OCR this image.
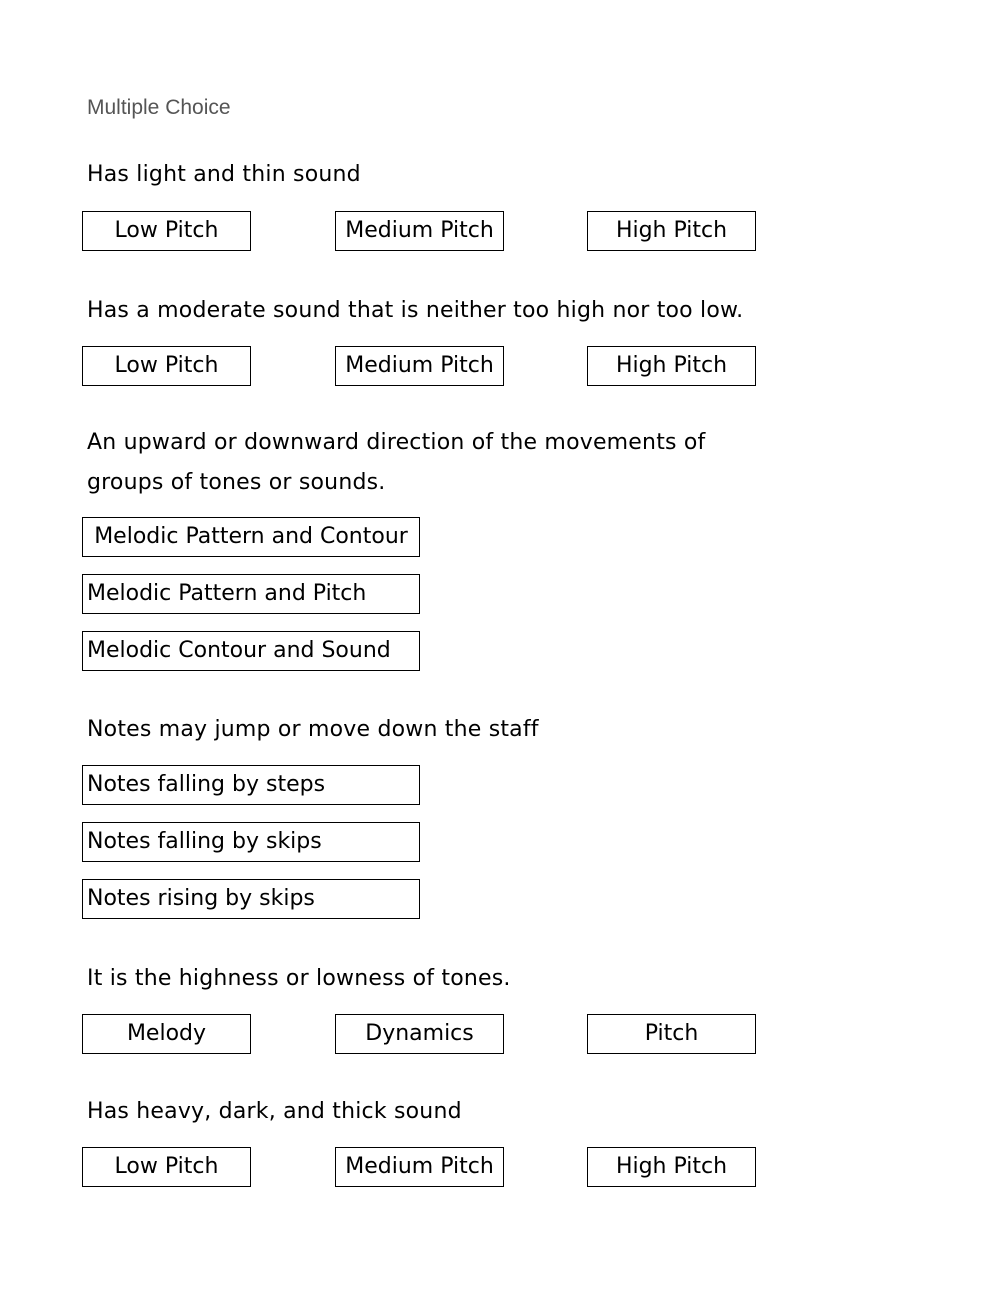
Multiple Choice

Has light and thin sound

Low Pitch	Medium Pitch	High Pitch

Has a moderate sound that is neither too high nor too low.

Low Pitch	Medium Pitch	High Pitch

An upward or downward direction of the movements of groups of tones or sounds.

Melodic Pattern and Contour
Melodic Pattern and Pitch
Melodic Contour and Sound

Notes may jump or move down the staff

Notes falling by steps
Notes falling by skips
Notes rising by skips

It is the highness or lowness of tones.

Melody	Dynamics	Pitch

Has heavy, dark, and thick sound

Low Pitch	Medium Pitch	High Pitch
